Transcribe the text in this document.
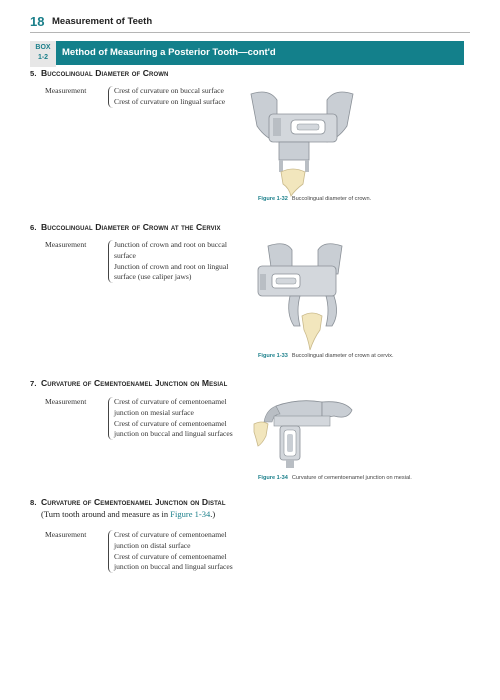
18 Measurement of Teeth
BOX
1-2	Method of Measuring a Posterior Tooth—cont'd
5. Buccolingual Diameter of Crown
Measurement	Crest of curvature on buccal surface
Crest of curvature on lingual surface
Figure 1-32 Buccolingual diameter of crown.
6. Buccolingual Diameter of Crown at the Cervix
Measurement	Junction of crown and root on buccal
surface
Junction of crown and root on lingual
surface (use caliper jaws)
Figure 1-33 Buccolingual diameter of crown at cervix.
7. Curvature of Cementoenamel Junction on Mesial
Measurement	Crest of curvature of cementoenamel
junction on mesial surface
Crest of curvature of cementoenamel
junction on buccal and lingual surfaces
Figure 1-34 Curvature of cementoenamel junction on mesial.
8. Curvature of Cementoenamel Junction on Distal
(Turn tooth around and measure as in Figure 1-34.)
Measurement	Crest of curvature of cementoenamel
junction on distal surface
Crest of curvature of cementoenamel
junction on buccal and lingual surfaces
